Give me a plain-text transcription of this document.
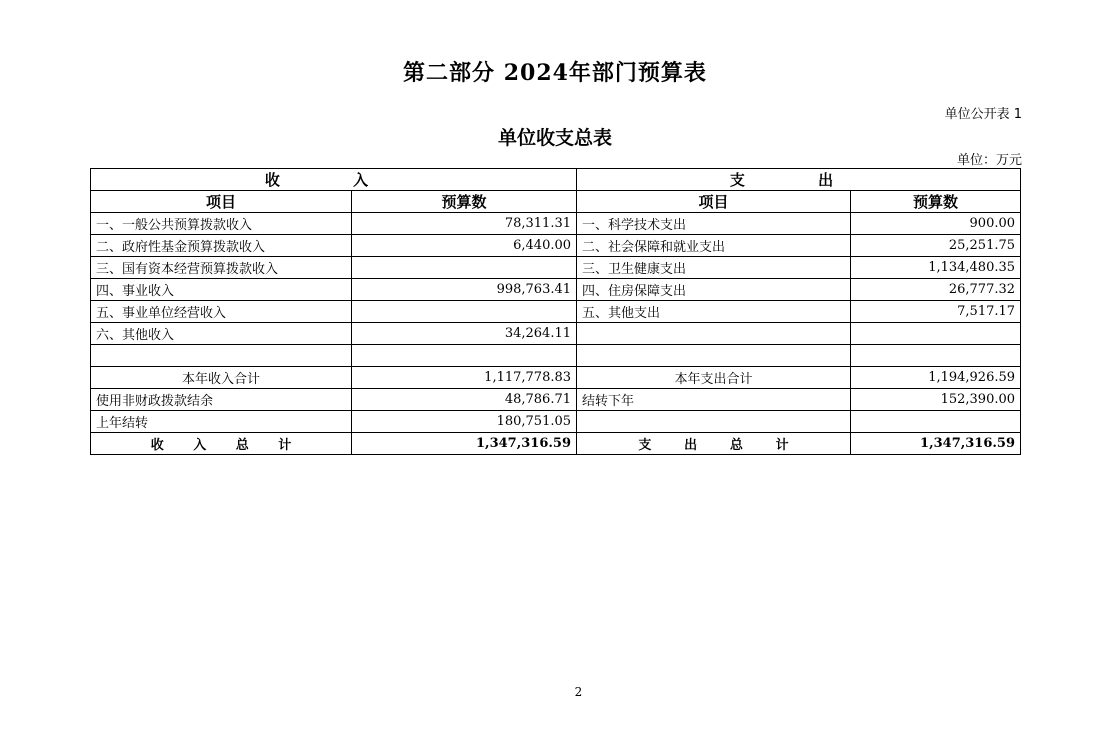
第二部分 2024年部门预算表
单位公开表 1
单位收支总表
单位：万元
收 入		支 出	
项目	预算数	项目	预算数
一、一般公共预算拨款收入	78,311.31	一、科学技术支出	900.00
二、政府性基金预算拨款收入	6,440.00	二、社会保障和就业支出	25,251.75
三、国有资本经营预算拨款收入		三、卫生健康支出	1,134,480.35
四、事业收入	998,763.41	四、住房保障支出	26,777.32
五、事业单位经营收入		五、其他支出	7,517.17
六、其他收入	34,264.11		

本年收入合计	1,117,778.83	本年支出合计	1,194,926.59
使用非财政拨款结余	48,786.71	结转下年	152,390.00
上年结转	180,751.05		

收 入 总 计	1,347,316.59	支 出 总 计	1,347,316.59
2
